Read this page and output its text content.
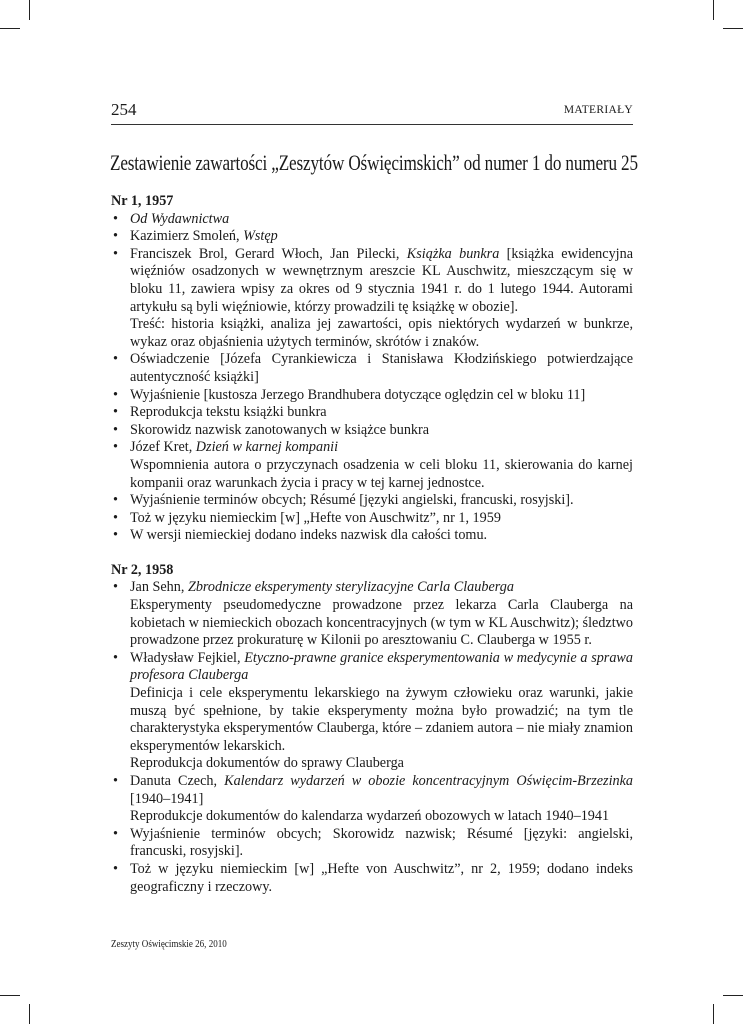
254	MATERIAŁY
Zestawienie zawartości „Zeszytów Oświęcimskich” od numer 1 do numeru 25

Nr 1, 1957

• Od Wydawnictwa
• Kazimierz Smoleń, Wstęp
• Franciszek Brol, Gerard Włoch, Jan Pilecki, Książka bunkra [książka ewidencyjna więźniów osadzonych w wewnętrznym areszcie KL Auschwitz, mieszczącym się w bloku 11, zawiera wpisy za okres od 9 stycznia 1941 r. do 1 lutego 1944. Autorami artykułu są byli więźniowie, którzy prowadzili tę książkę w obozie].
Treść: historia książki, analiza jej zawartości, opis niektórych wydarzeń w bunkrze, wykaz oraz objaśnienia użytych terminów, skrótów i znaków.
• Oświadczenie [Józefa Cyrankiewicza i Stanisława Kłodzińskiego potwierdzające autentyczność książki]
• Wyjaśnienie [kustosza Jerzego Brandhubera dotyczące oględzin cel w bloku 11]
• Reprodukcja tekstu książki bunkra
• Skorowidz nazwisk zanotowanych w książce bunkra
• Józef Kret, Dzień w karnej kompanii
Wspomnienia autora o przyczynach osadzenia w celi bloku 11, skierowania do karnej kompanii oraz warunkach życia i pracy w tej karnej jednostce.
• Wyjaśnienie terminów obcych; Résumé [języki angielski, francuski, rosyjski].
• Toż w języku niemieckim [w] „Hefte von Auschwitz”, nr 1, 1959
• W wersji niemieckiej dodano indeks nazwisk dla całości tomu.

Nr 2, 1958

• Jan Sehn, Zbrodnicze eksperymenty sterylizacyjne Carla Clauberga
Eksperymenty pseudomedyczne prowadzone przez lekarza Carla Clauberga na kobietach w niemieckich obozach koncentracyjnych (w tym w KL Auschwitz); śledztwo prowadzone przez prokuraturę w Kilonii po aresztowaniu C. Clauberga w 1955 r.
• Władysław Fejkiel, Etyczno-prawne granice eksperymentowania w medycynie a sprawa profesora Clauberga
Definicja i cele eksperymentu lekarskiego na żywym człowieku oraz warunki, jakie muszą być spełnione, by takie eksperymenty można było prowadzić; na tym tle charakterystyka eksperymentów Clauberga, które – zdaniem autora – nie miały znamion eksperymentów lekarskich.
Reprodukcja dokumentów do sprawy Clauberga
• Danuta Czech, Kalendarz wydarzeń w obozie koncentracyjnym Oświęcim-Brzezinka [1940–1941]
Reprodukcje dokumentów do kalendarza wydarzeń obozowych w latach 1940–1941
• Wyjaśnienie terminów obcych; Skorowidz nazwisk; Résumé [języki: angielski, francuski, rosyjski].
• Toż w języku niemieckim [w] „Hefte von Auschwitz”, nr 2, 1959; dodano indeks geograficzny i rzeczowy.
Zeszyty Oświęcimskie 26, 2010
